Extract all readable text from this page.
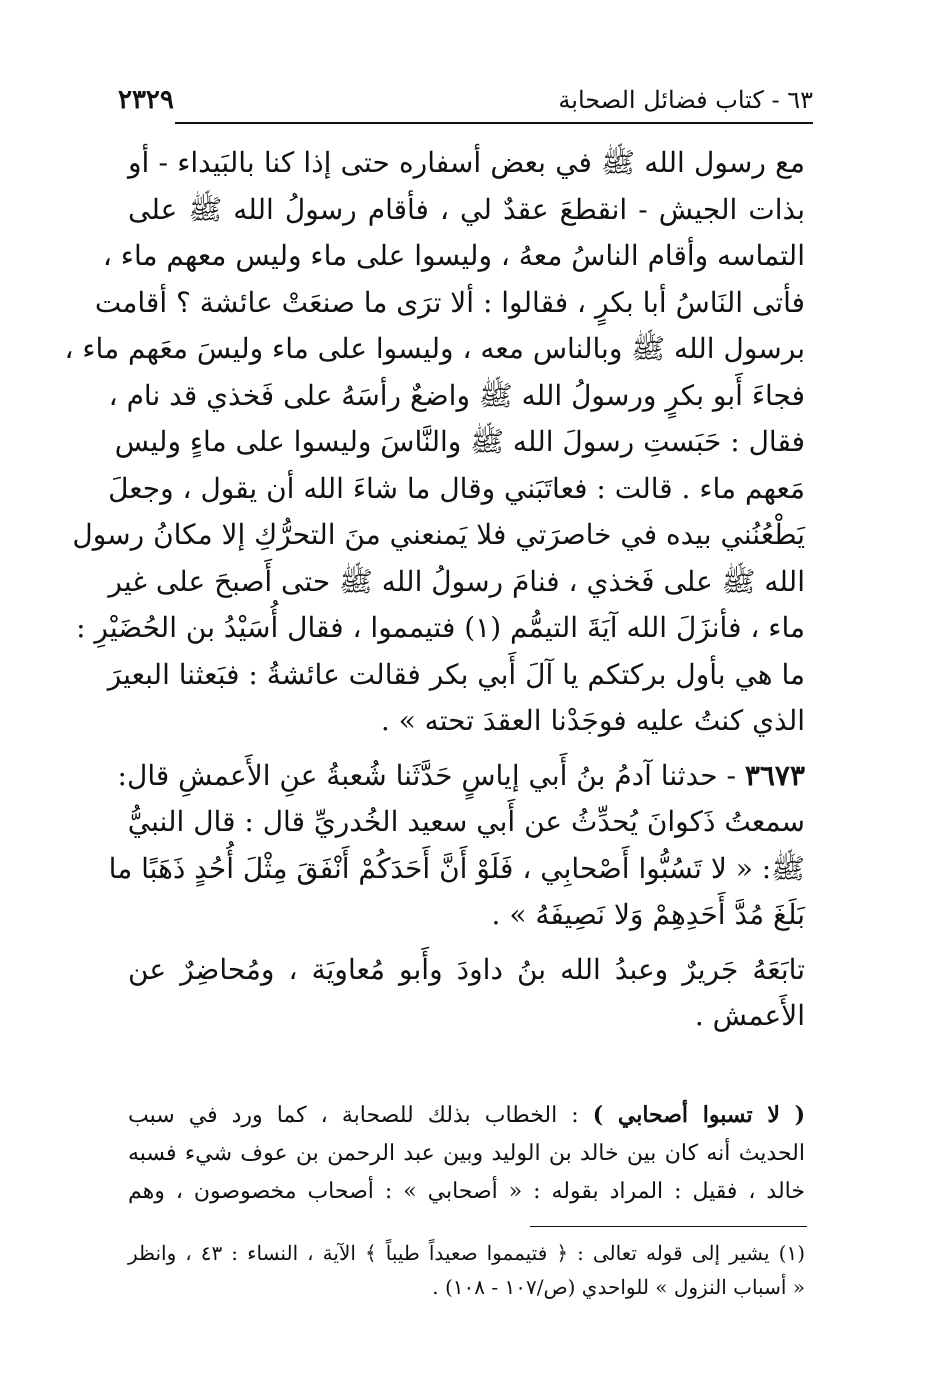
٦٣ - كتاب فضائل الصحابة
٢٣٢٩
مع رسول الله ﷺ في بعض أسفاره حتى إذا كنا بالبَيداء - أو
بذات الجيش - انقطعَ عقدٌ لي ، فأقام رسولُ الله ﷺ على
التماسه وأقام الناسُ معهُ ، وليسوا على ماء وليس معهم ماء ،
فأتى النَاسُ أبا بكرٍ ، فقالوا : ألا ترَى ما صنعَتْ عائشة ؟ أقامت
برسول الله ﷺ وبالناس معه ، وليسوا على ماء وليسَ معَهم ماء ،
فجاءَ أَبو بكرٍ ورسولُ الله ﷺ واضعٌ رأسَهُ على فَخذي قد نام ،
فقال : حَبَستِ رسولَ الله ﷺ والنَّاسَ وليسوا على ماءٍ وليس
مَعهم ماء . قالت : فعاتَبَني وقال ما شاءَ الله أن يقول ، وجعلَ
يَطْعُنُني بيده في خاصرَتي فلا يَمنعني منَ التحرُّكِ إلا مكانُ رسول
الله ﷺ على فَخذي ، فنامَ رسولُ الله ﷺ حتى أَصبحَ على غير
ماء ، فأنزَلَ الله آيَةَ التيمُّم (١) فتيمموا ، فقال أُسَيْدُ بن الحُضَيْرِ :
ما هي بأول بركتكم يا آلَ أَبي بكر فقالت عائشةُ : فبَعثنا البعيرَ
الذي كنتُ عليه فوجَدْنا العقدَ تحته » .
٣٦٧٣ - حدثنا آدمُ بنُ أَبي إياسٍ حَدَّثَنا شُعبةُ عنِ الأَعمشِ قال:
سمعتُ ذَكوانَ يُحدِّثُ عن أَبي سعيد الخُدريِّ قال : قال النبيُّ
ﷺ: « لا تَسُبُّوا أَصْحابِي ، فَلَوْ أَنَّ أَحَدَكُمْ أَنْفَقَ مِثْلَ أُحُدٍ ذَهَبًا ما
بَلَغَ مُدَّ أَحَدِهِمْ وَلا نَصِيفَهُ » .
تابَعَهُ جَريرٌ وعبدُ الله بنُ داودَ وأَبو مُعاويَة ، ومُحاضِرٌ عن
الأَعمش .
( لا تسبوا أصحابي ) : الخطاب بذلك للصحابة ، كما ورد في سبب
الحديث أنه كان بين خالد بن الوليد وبين عبد الرحمن بن عوف شيء فسبه
خالد ، فقيل : المراد بقوله : « أصحابي » : أصحاب مخصوصون ، وهم
(١) يشير إلى قوله تعالى : ﴿ فتيمموا صعيداً طيباً ﴾ الآية ، النساء : ٤٣ ، وانظر
« أسباب النزول » للواحدي (ص/١٠٧ - ١٠٨) .
